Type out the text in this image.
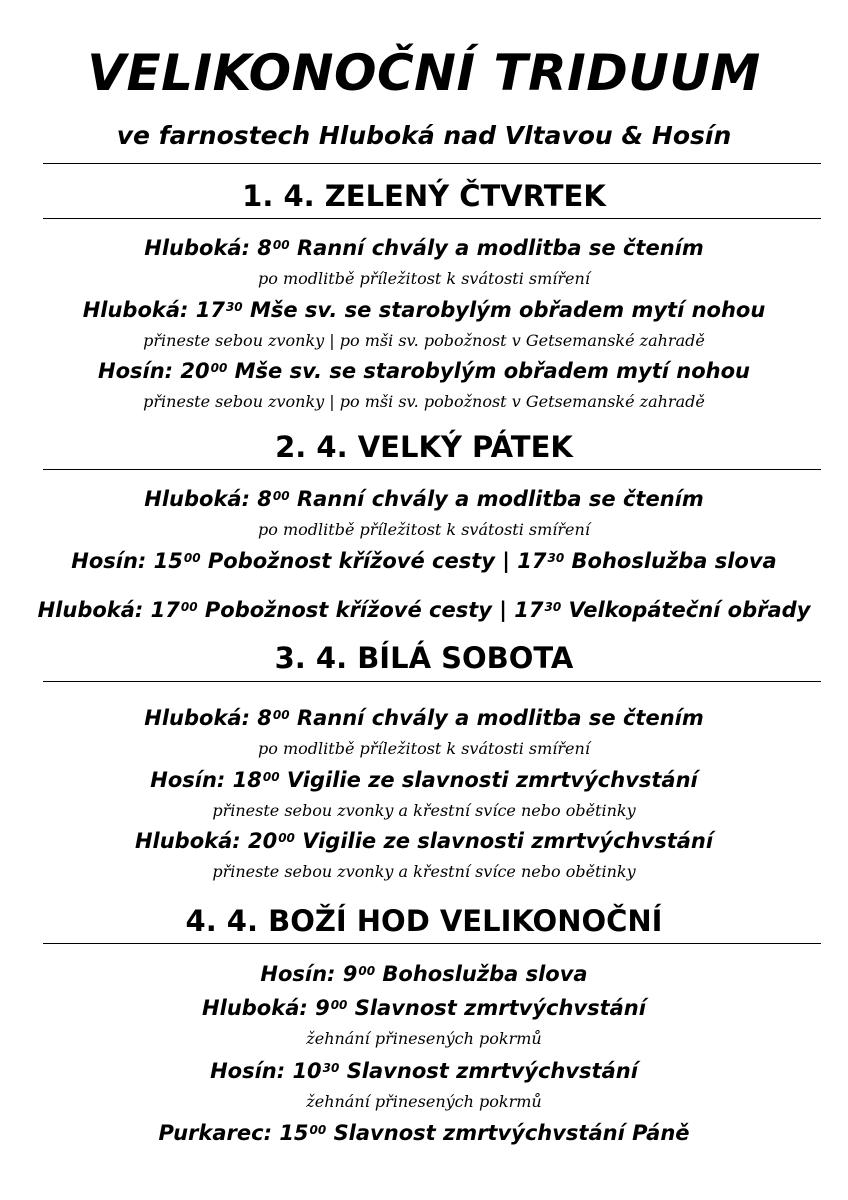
VELIKONOČNÍ TRIDUUM
ve farnostech Hluboká nad Vltavou & Hosín
1. 4. ZELENÝ ČTVRTEK
Hluboká: $8^{00}$ Ranní chvály a modlitba se čtením
po modlitbě příležitost k svátosti smíření
Hluboká: $17^{30}$ Mše sv. se starobylým obřadem mytí nohou
přineste sebou zvonky | po mši sv. pobožnost v Getsemanské zahradě
Hosín: $20^{00}$ Mše sv. se starobylým obřadem mytí nohou
přineste sebou zvonky | po mši sv. pobožnost v Getsemanské zahradě
2. 4. VELKÝ PÁTEK
Hluboká: $8^{00}$ Ranní chvály a modlitba se čtením
po modlitbě příležitost k svátosti smíření
Hosín: $15^{00}$ Pobožnost křížové cesty | $17^{30}$ Bohoslužba slova
Hluboká: $17^{00}$ Pobožnost křížové cesty | $17^{30}$ Velkopáteční obřady
3. 4. BÍLÁ SOBOTA
Hluboká: $8^{00}$ Ranní chvály a modlitba se čtením
po modlitbě příležitost k svátosti smíření
Hosín: $18^{00}$ Vigilie ze slavnosti zmrtvýchvstání
přineste sebou zvonky a křestní svíce nebo obětinky
Hluboká: $20^{00}$ Vigilie ze slavnosti zmrtvýchvstání
přineste sebou zvonky a křestní svíce nebo obětinky
4. 4. BOŽÍ HOD VELIKONOČNÍ
Hosín: $9^{00}$ Bohoslužba slova
Hluboká: $9^{00}$ Slavnost zmrtvýchvstání
žehnání přinesených pokrmů
Hosín: $10^{30}$ Slavnost zmrtvýchvstání
žehnání přinesených pokrmů
Purkarec: $15^{00}$ Slavnost zmrtvýchvstání Páně
